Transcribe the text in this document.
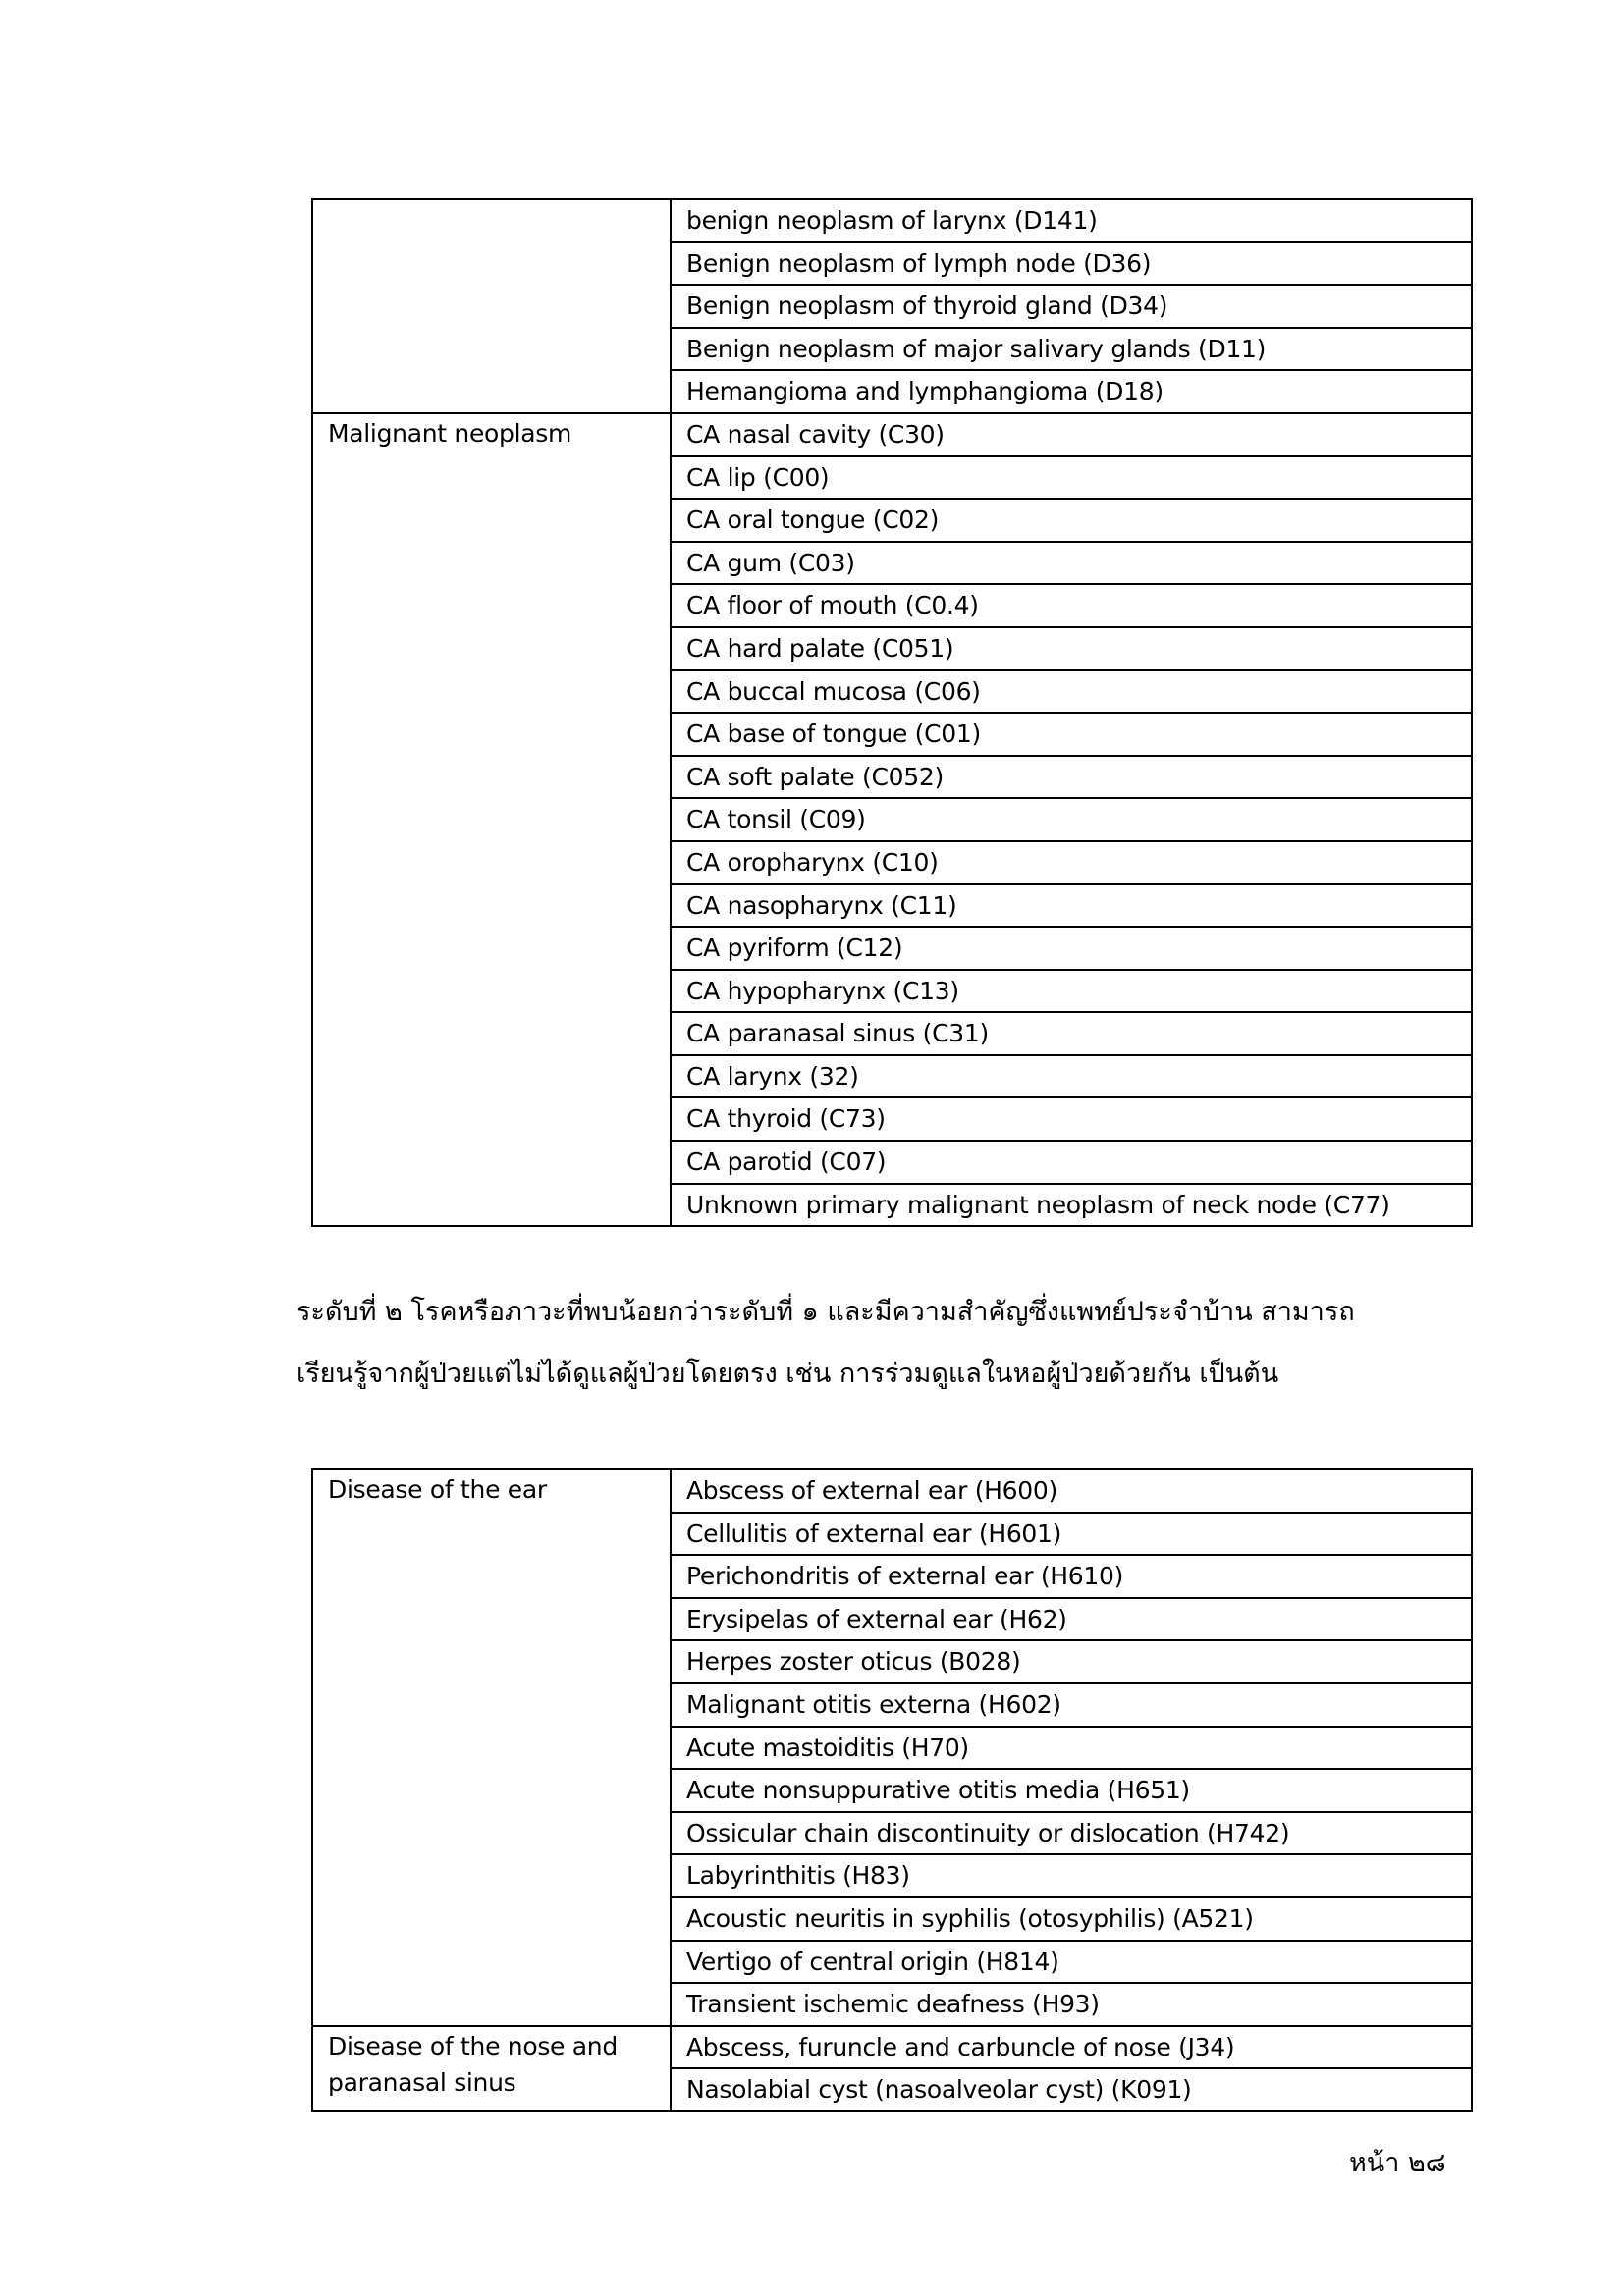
	benign neoplasm of larynx (D141)
	Benign neoplasm of lymph node (D36)
	Benign neoplasm of thyroid gland (D34)
	Benign neoplasm of major salivary glands (D11)
	Hemangioma and lymphangioma (D18)
Malignant neoplasm	CA nasal cavity (C30)
	CA lip (C00)
	CA oral tongue (C02)
	CA gum (C03)
	CA floor of mouth (C0.4)
	CA hard palate (C051)
	CA buccal mucosa (C06)
	CA base of tongue (C01)
	CA soft palate (C052)
	CA tonsil (C09)
	CA oropharynx (C10)
	CA nasopharynx (C11)
	CA pyriform (C12)
	CA hypopharynx (C13)
	CA paranasal sinus (C31)
	CA larynx (32)
	CA thyroid (C73)
	CA parotid (C07)
	Unknown primary malignant neoplasm of neck node (C77)
ระดับที่ ๒ โรคหรือภาวะที่พบน้อยกว่าระดับที่ ๑ และมีความสำคัญซึ่งแพทย์ประจำบ้าน สามารถ
เรียนรู้จากผู้ป่วยแต่ไม่ได้ดูแลผู้ป่วยโดยตรง เช่น การร่วมดูแลในหอผู้ป่วยด้วยกัน เป็นต้น
Disease of the ear	Abscess of external ear (H600)
	Cellulitis of external ear (H601)
	Perichondritis of external ear (H610)
	Erysipelas of external ear (H62)
	Herpes zoster oticus (B028)
	Malignant otitis externa (H602)
	Acute mastoiditis (H70)
	Acute nonsuppurative otitis media (H651)
	Ossicular chain discontinuity or dislocation (H742)
	Labyrinthitis (H83)
	Acoustic neuritis in syphilis (otosyphilis) (A521)
	Vertigo of central origin (H814)
	Transient ischemic deafness (H93)
Disease of the nose and paranasal sinus	Abscess, furuncle and carbuncle of nose (J34)
	Nasolabial cyst (nasoalveolar cyst) (K091)
หน้า ๒๘
